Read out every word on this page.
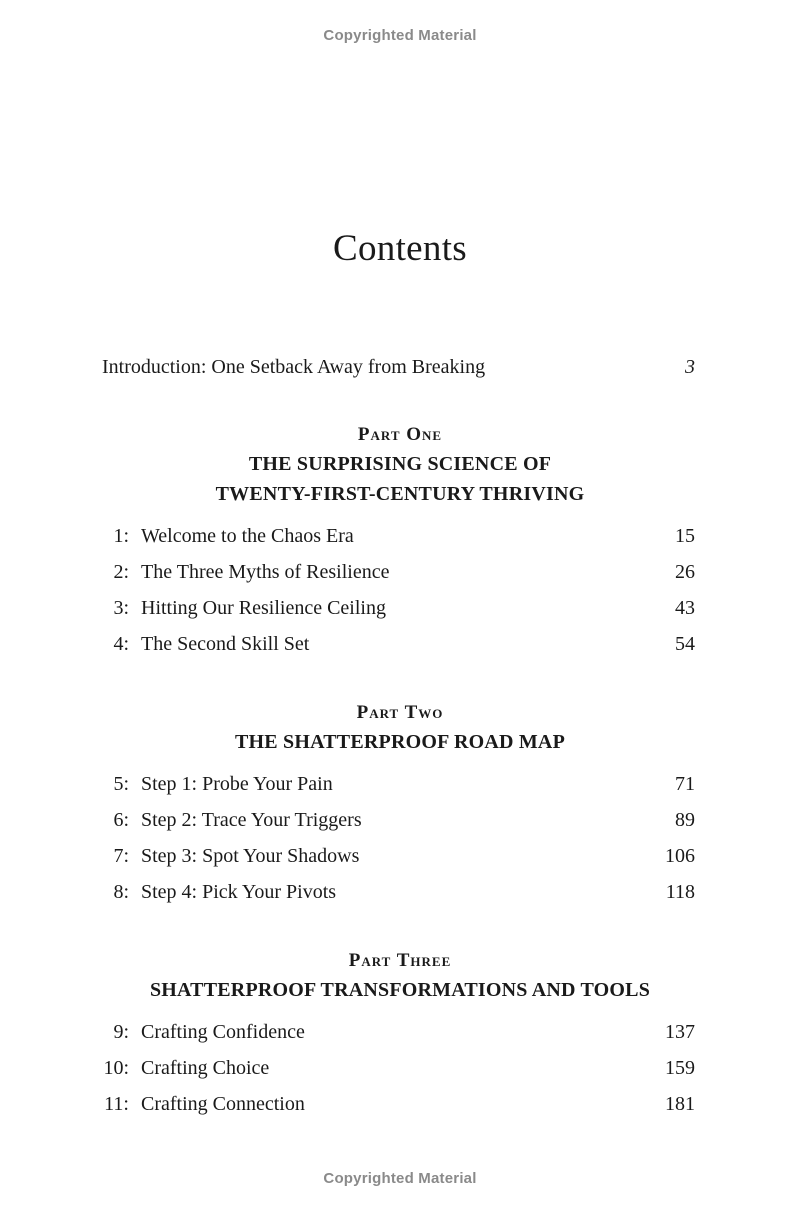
Copyrighted Material
Contents
Introduction: One Setback Away from Breaking	3
Part One
THE SURPRISING SCIENCE OF
TWENTY-FIRST-CENTURY THRIVING
1: Welcome to the Chaos Era	15
2: The Three Myths of Resilience	26
3: Hitting Our Resilience Ceiling	43
4: The Second Skill Set	54
Part Two
THE SHATTERPROOF ROAD MAP
5: Step 1: Probe Your Pain	71
6: Step 2: Trace Your Triggers	89
7: Step 3: Spot Your Shadows	106
8: Step 4: Pick Your Pivots	118
Part Three
SHATTERPROOF TRANSFORMATIONS AND TOOLS
9: Crafting Confidence	137
10: Crafting Choice	159
11: Crafting Connection	181
Copyrighted Material
